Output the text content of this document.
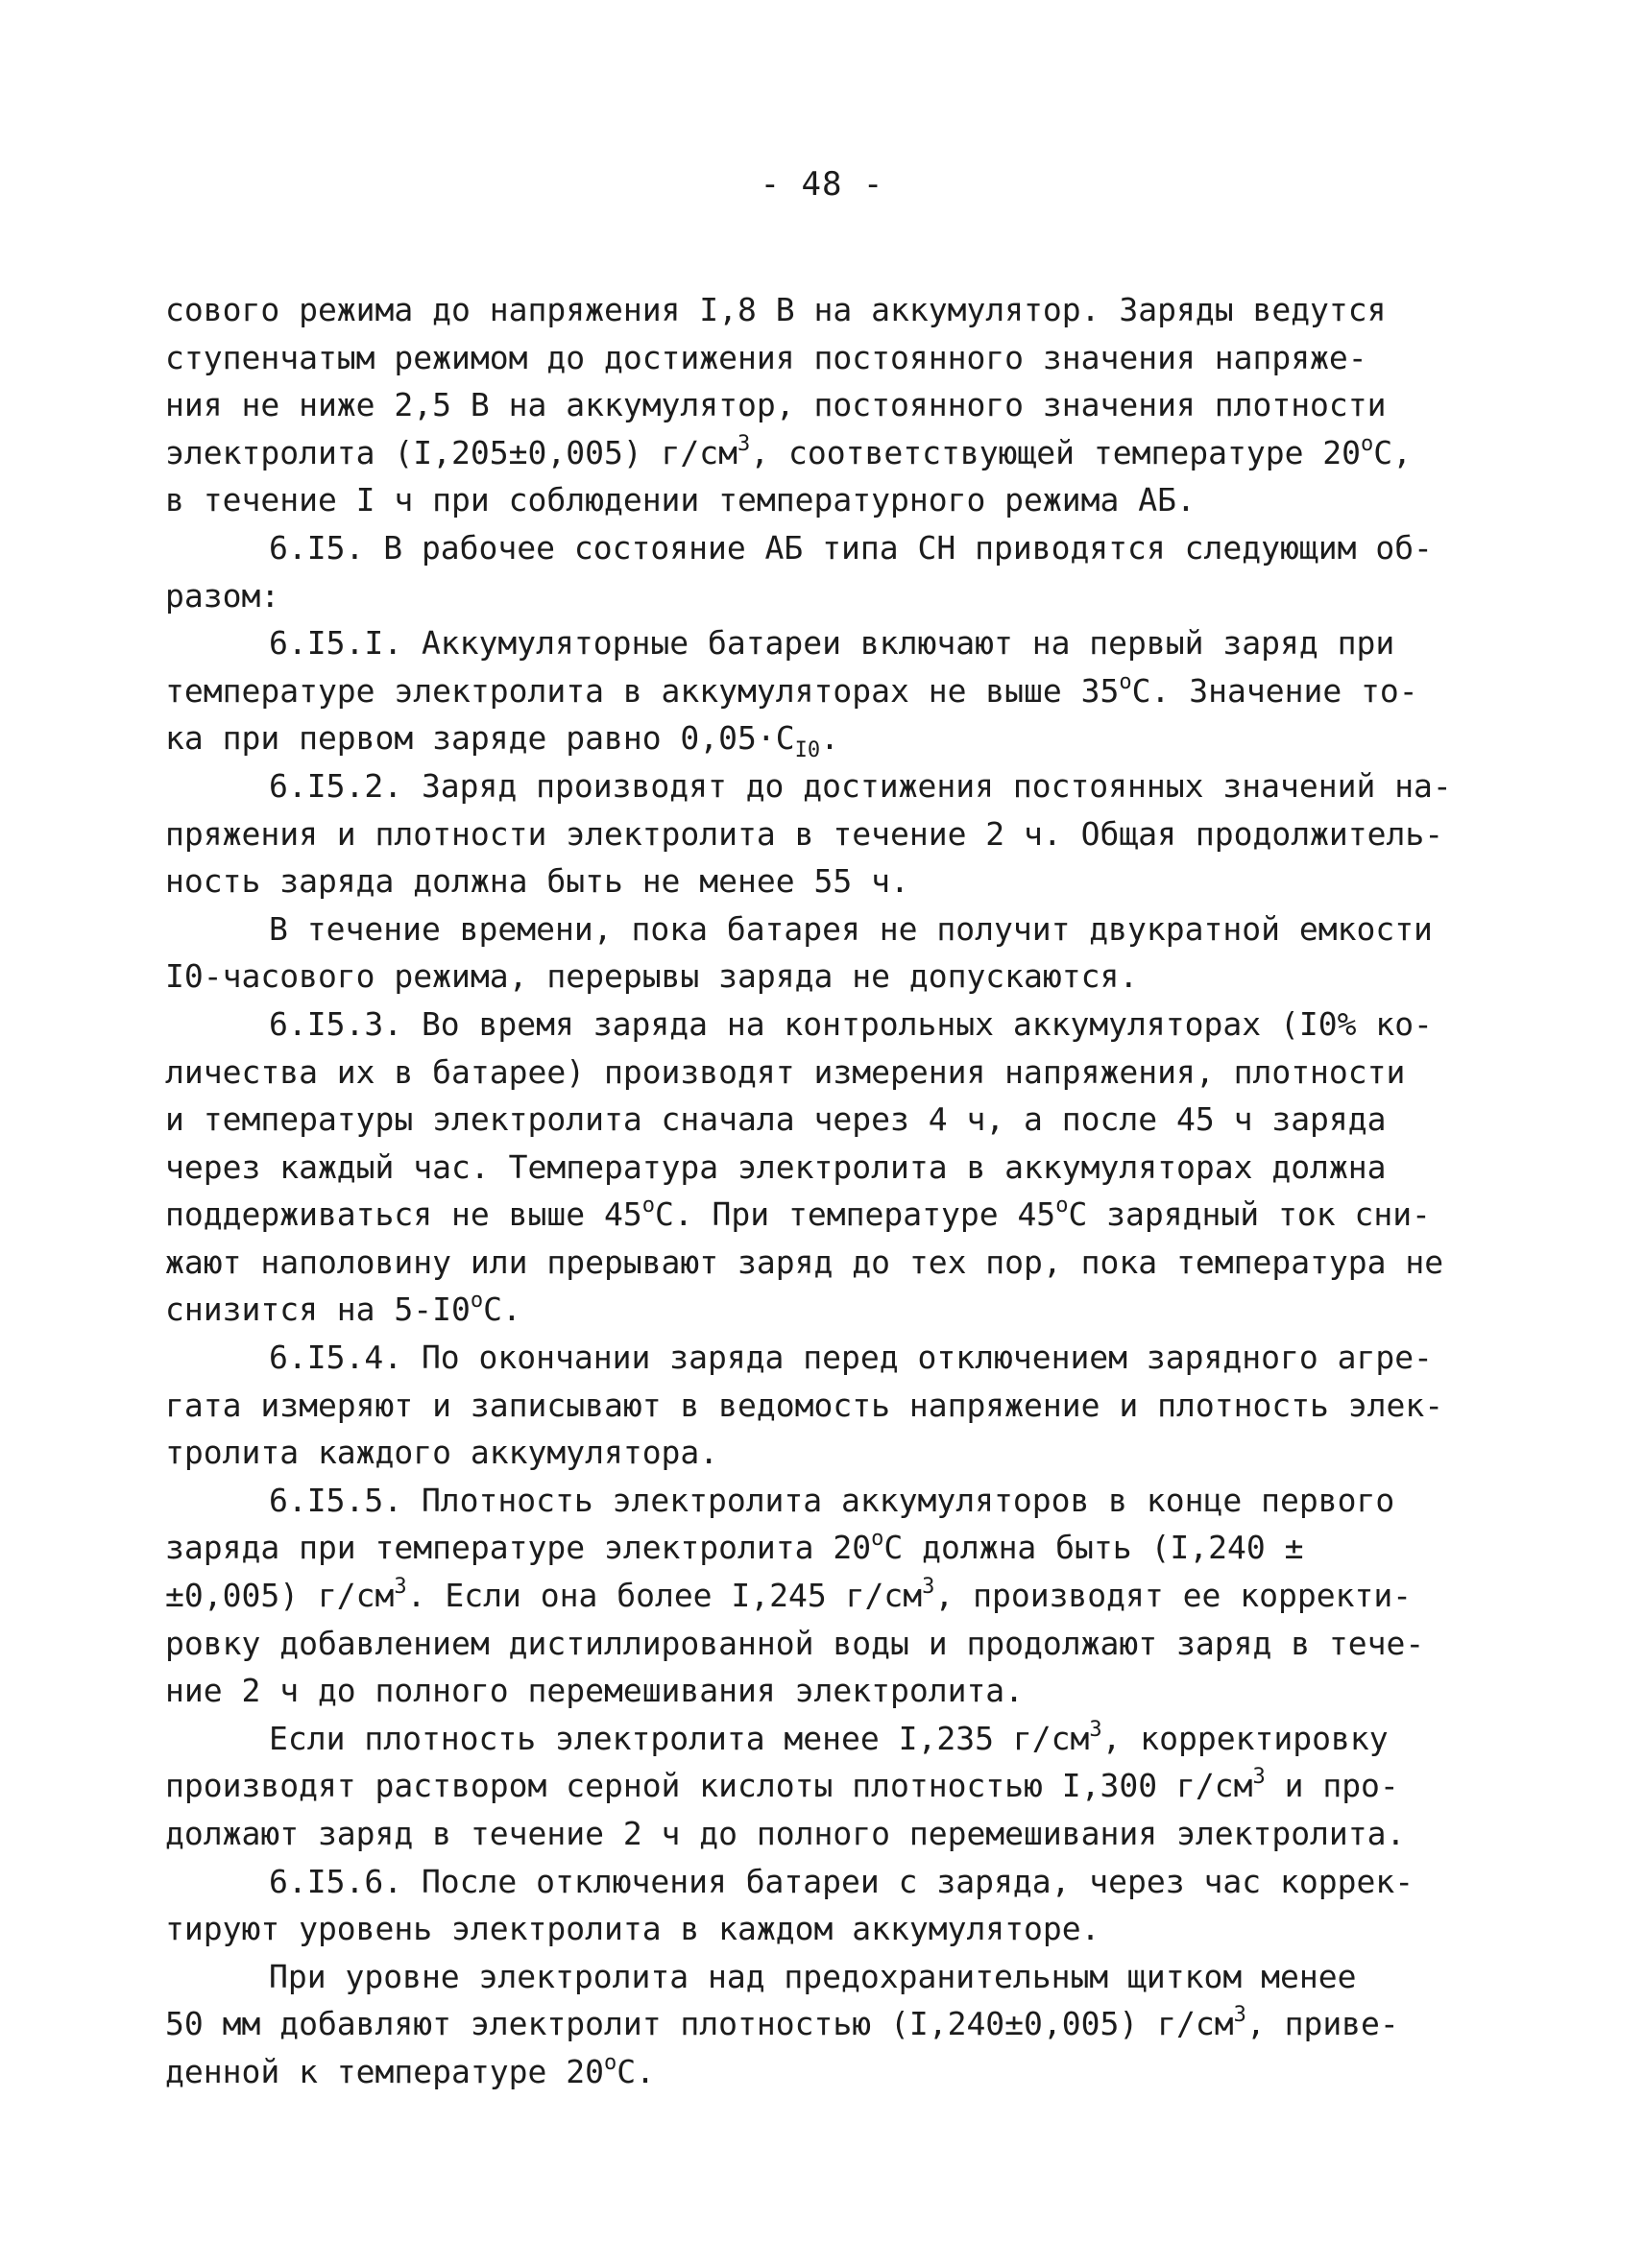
- 48 -
сового режима до напряжения I,8 В на аккумулятор. Заряды ведутся
ступенчатым режимом до достижения постоянного значения напряже-
ния не ниже 2,5 В на аккумулятор, постоянного значения плотности
электролита (I,205±0,005) $г/см^3$, соответствующей температуре $20^оС$,
в течение I ч при соблюдении температурного режима АБ.
6.I5. В рабочее состояние АБ типа СН приводятся следующим об-
разом:
6.I5.I. Аккумуляторные батареи включают на первый заряд при
температуре электролита в аккумуляторах не выше $35^оС$. Значение то-
ка при первом заряде равно $0,05\cdot С_{I0}$.
6.I5.2. Заряд производят до достижения постоянных значений на-
пряжения и плотности электролита в течение 2 ч. Общая продолжитель-
ность заряда должна быть не менее 55 ч.
В течение времени, пока батарея не получит двукратной емкости
I0-часового режима, перерывы заряда не допускаются.
6.I5.3. Во время заряда на контрольных аккумуляторах (I0% ко-
личества их в батарее) производят измерения напряжения, плотности
и температуры электролита сначала через 4 ч, а после 45 ч заряда
через каждый час. Температура электролита в аккумуляторах должна
поддерживаться не выше $45^оС$. При температуре $45^оС$ зарядный ток сни-
жают наполовину или прерывают заряд до тех пор, пока температура не
снизится на $5-I0^оС$.
6.I5.4. По окончании заряда перед отключением зарядного агре-
гата измеряют и записывают в ведомость напряжение и плотность элек-
тролита каждого аккумулятора.
6.I5.5. Плотность электролита аккумуляторов в конце первого
заряда при температуре электролита $20^оС$ должна быть (I,240 ±
±0,005) $г/см^3$. Если она более I,245 $г/см^3$, производят ее корректи-
ровку добавлением дистиллированной воды и продолжают заряд в тече-
ние 2 ч до полного перемешивания электролита.
Если плотность электролита менее I,235 $г/см^3$, корректировку
производят раствором серной кислоты плотностью I,300 $г/см^3$ и про-
должают заряд в течение 2 ч до полного перемешивания электролита.
6.I5.6. После отключения батареи с заряда, через час коррек-
тируют уровень электролита в каждом аккумуляторе.
При уровне электролита над предохранительным щитком менее
50 мм добавляют электролит плотностью (I,240±0,005) $г/см^3$, приве-
денной к температуре $20^оС$.
